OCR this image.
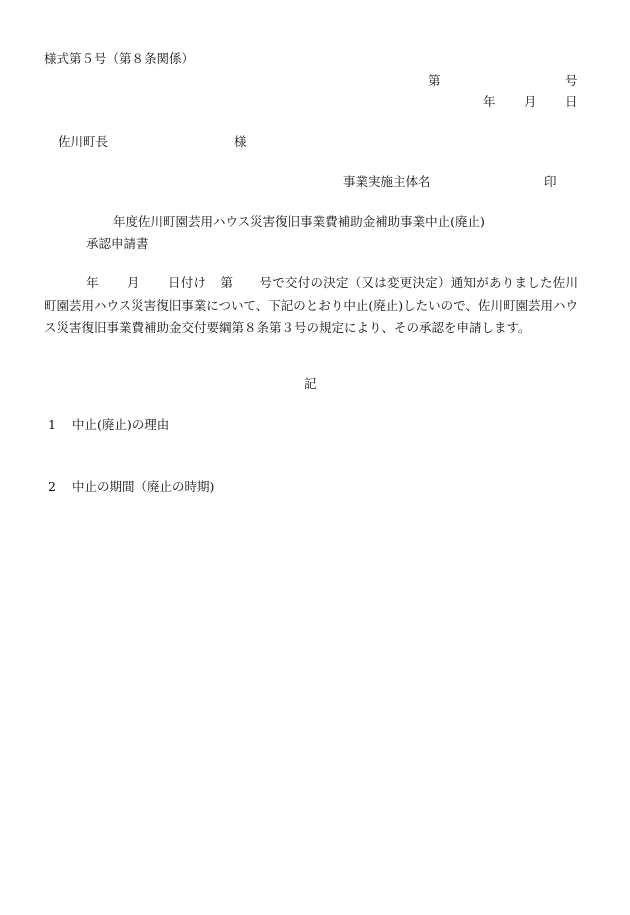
様式第５号（第８条関係）
第	号
年 月 日
佐川町長	様
事業実施主体名	印
年度佐川町園芸用ハウス災害復旧事業費補助金補助事業中止(廃止)
承認申請書
年 月 日付け 第 号で交付の決定（又は変更決定）通知がありました佐川町園芸用ハウス災害復旧事業について、下記のとおり中止(廃止)したいので、佐川町園芸用ハウス災害復旧事業費補助金交付要綱第８条第３号の規定により、その承認を申請します。
記
1 中止(廃止)の理由
2 中止の期間（廃止の時期)
